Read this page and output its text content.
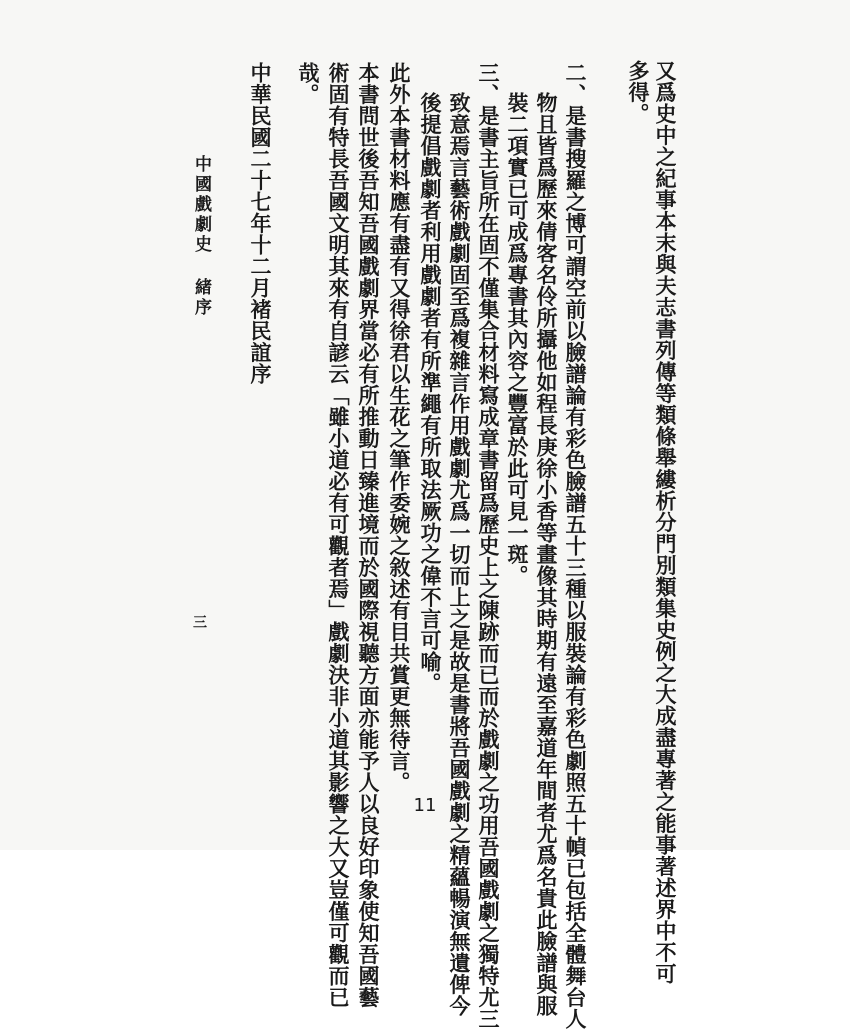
又爲史中之紀事本末與夫志書列傳等類條舉縷析分門別類集史例之大成盡專著之能事著述界中不可
多得。
二、是書搜羅之博可謂空前以臉譜論有彩色臉譜五十三種以服裝論有彩色劇照五十幀已包括全體舞台人
物且皆爲歷來倩客名伶所攝他如程長庚徐小香等畫像其時期有遠至嘉道年間者尤爲名貴此臉譜與服
裝二項實已可成爲專書其內容之豐富於此可見一斑。
三、是書主旨所在固不僅集合材料寫成章書留爲歷史上之陳跡而已而於戲劇之功用吾國戲劇之獨特尤三
致意焉言藝術戲劇固至爲複雜言作用戲劇尤爲一切而上之是故是書將吾國戲劇之精蘊暢演無遺俾今
後提倡戲劇者利用戲劇者有所準繩有所取法厥功之偉不言可喻。
此外本書材料應有盡有又得徐君以生花之筆作委婉之敘述有目共賞更無待言。
本書問世後吾知吾國戲劇界當必有所推動日臻進境而於國際視聽方面亦能予人以良好印象使知吾國藝
術固有特長吾國文明其來有自諺云「雖小道必有可觀者焉」戲劇決非小道其影響之大又豈僅可觀而已
哉。
中華民國二十七年十二月褚民誼序
中國戲劇史 緒序
三
11
